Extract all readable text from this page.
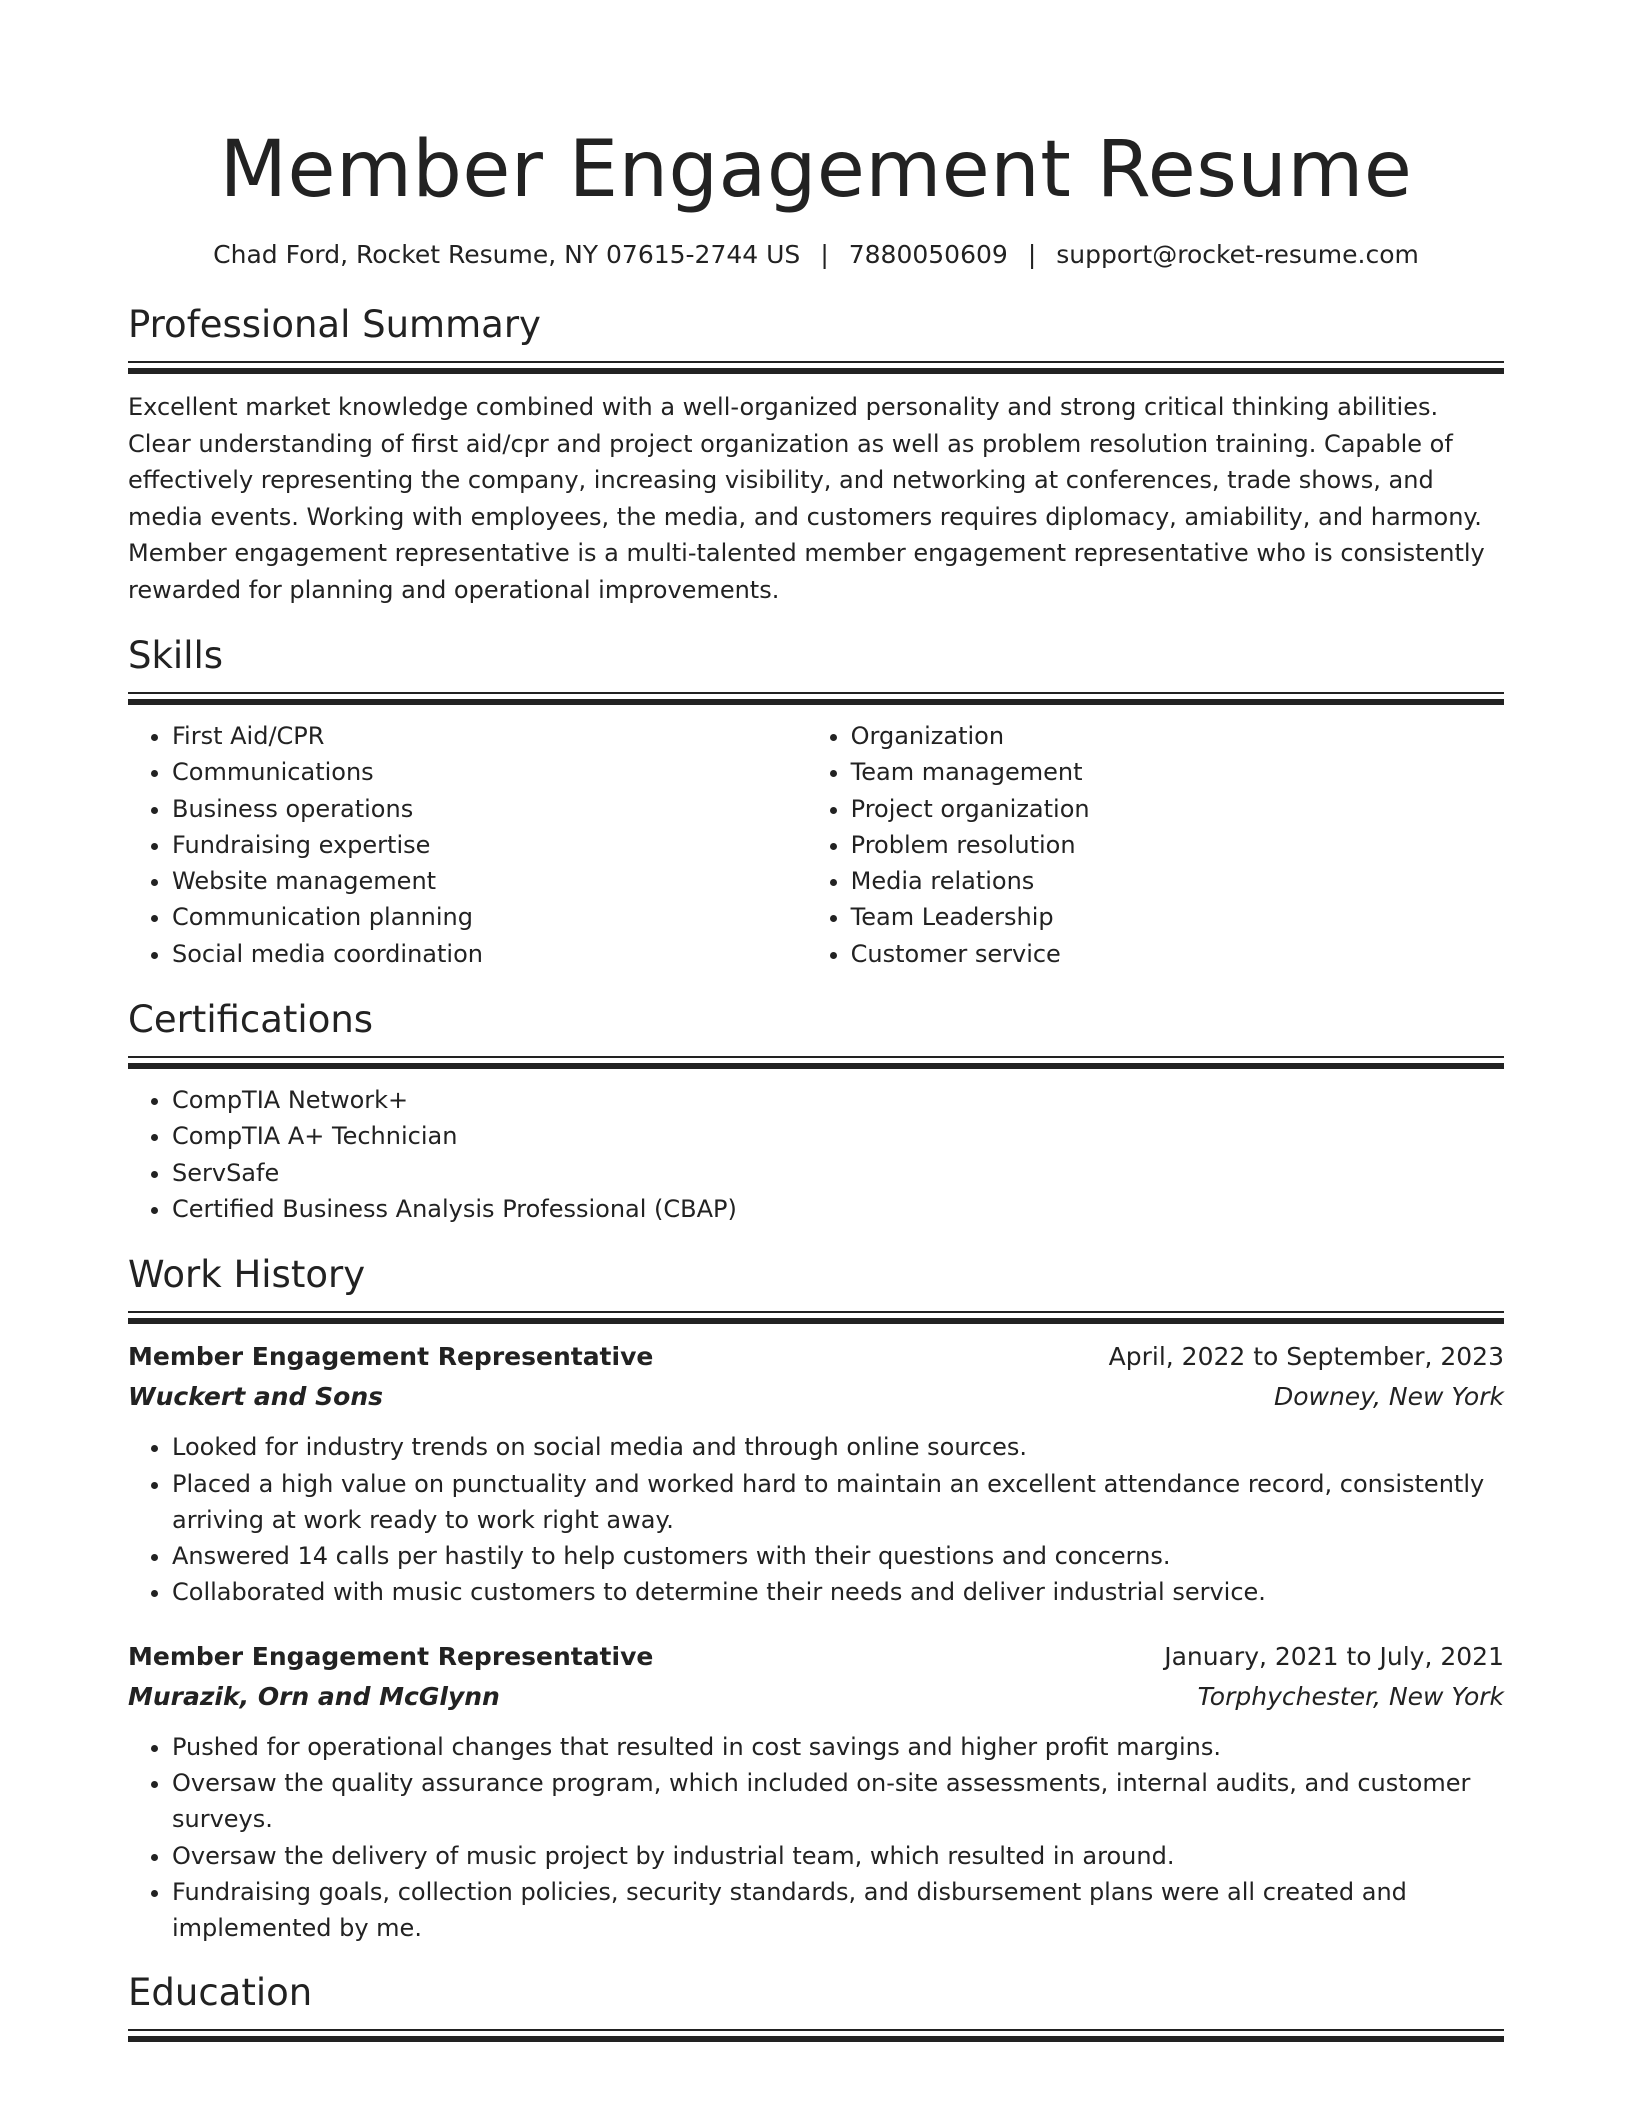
Member Engagement Resume
Chad Ford, Rocket Resume, NY 07615-2744 US | 7880050609 | support@rocket-resume.com
Professional Summary

Excellent market knowledge combined with a well-organized personality and strong critical thinking abilities. Clear understanding of first aid/cpr and project organization as well as problem resolution training. Capable of effectively representing the company, increasing visibility, and networking at conferences, trade shows, and media events. Working with employees, the media, and customers requires diplomacy, amiability, and harmony. Member engagement representative is a multi-talented member engagement representative who is consistently rewarded for planning and operational improvements.

Skills
• First Aid/CPR
• Communications
• Business operations
• Fundraising expertise
• Website management
• Communication planning
• Social media coordination
• Organization
• Team management
• Project organization
• Problem resolution
• Media relations
• Team Leadership
• Customer service
Certifications
• CompTIA Network+
• CompTIA A+ Technician
• ServSafe
• Certified Business Analysis Professional (CBAP)
Work History
Member Engagement Representative	April, 2022 to September, 2023
Wuckert and Sons	Downey, New York
• Looked for industry trends on social media and through online sources.
• Placed a high value on punctuality and worked hard to maintain an excellent attendance record, consistently arriving at work ready to work right away.
• Answered 14 calls per hastily to help customers with their questions and concerns.
• Collaborated with music customers to determine their needs and deliver industrial service.
Member Engagement Representative	January, 2021 to July, 2021
Murazik, Orn and McGlynn	Torphychester, New York
• Pushed for operational changes that resulted in cost savings and higher profit margins.
• Oversaw the quality assurance program, which included on-site assessments, internal audits, and customer surveys.
• Oversaw the delivery of music project by industrial team, which resulted in around.
• Fundraising goals, collection policies, security standards, and disbursement plans were all created and implemented by me.
Education
